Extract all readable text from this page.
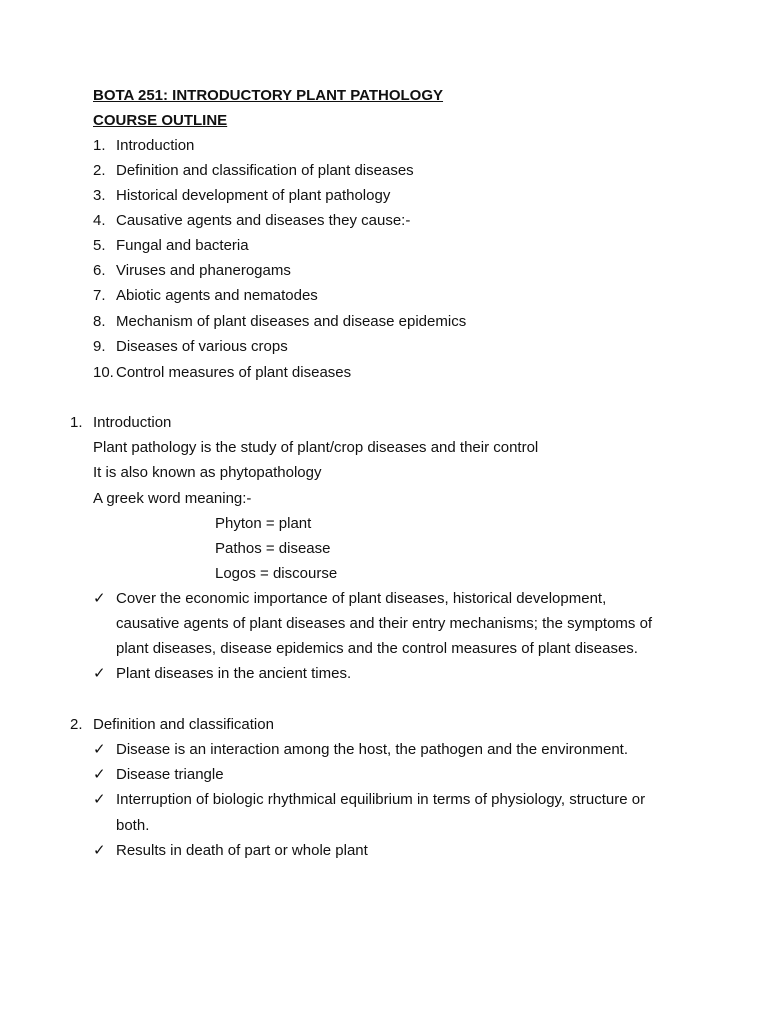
BOTA 251: INTRODUCTORY PLANT PATHOLOGY
COURSE OUTLINE
1. Introduction
2. Definition and classification of plant diseases
3. Historical development of plant pathology
4. Causative agents and diseases they cause:-
5. Fungal and bacteria
6. Viruses and phanerogams
7. Abiotic agents and nematodes
8. Mechanism of plant diseases and disease epidemics
9. Diseases of various crops
10. Control measures of plant diseases
1. Introduction
Plant pathology is the study of plant/crop diseases and their control
It is also known as phytopathology
A greek word meaning:-
Phyton = plant
Pathos = disease
Logos = discourse
✓ Cover the economic importance of plant diseases, historical development,
causative agents of plant diseases and their entry mechanisms; the symptoms of
plant diseases, disease epidemics and the control measures of plant diseases.
✓ Plant diseases in the ancient times.
2. Definition and classification
✓ Disease is an interaction among the host, the pathogen and the environment.
✓ Disease triangle
✓ Interruption of biologic rhythmical equilibrium in terms of physiology, structure or
both.
✓ Results in death of part or whole plant
